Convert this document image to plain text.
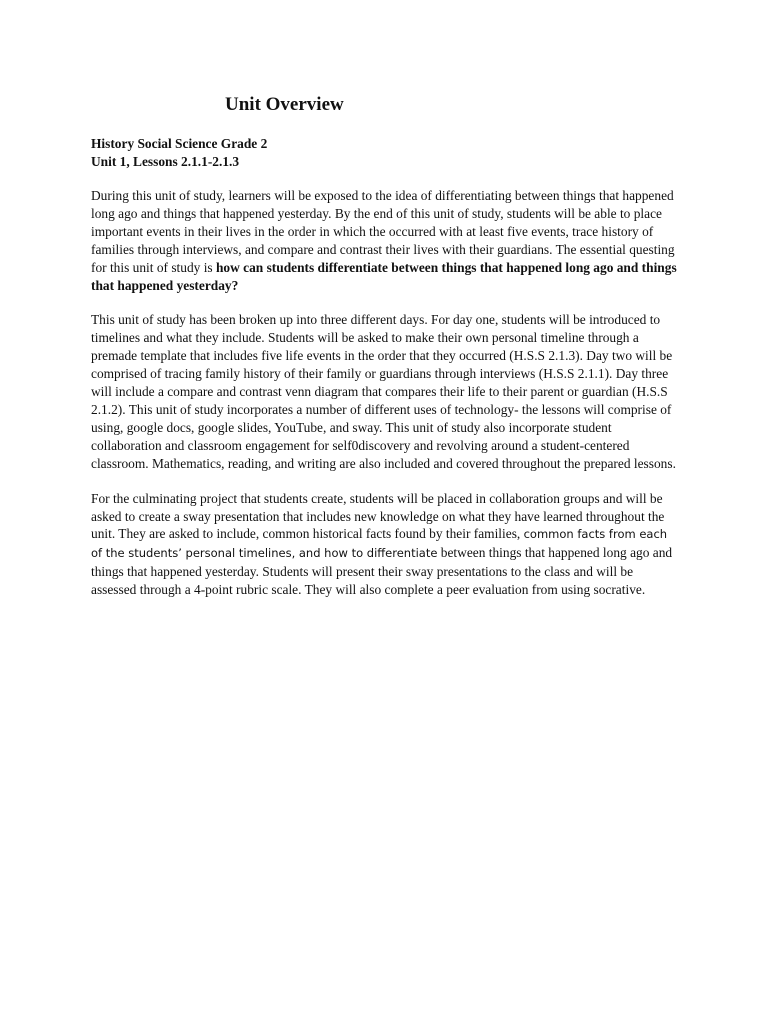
Unit Overview
History Social Science Grade 2
Unit 1, Lessons 2.1.1-2.1.3

During this unit of study, learners will be exposed to the idea of differentiating between things that happened long ago and things that happened yesterday. By the end of this unit of study, students will be able to place important events in their lives in the order in which the occurred with at least five events, trace history of families through interviews, and compare and contrast their lives with their guardians. The essential questing for this unit of study is how can students differentiate between things that happened long ago and things that happened yesterday?

This unit of study has been broken up into three different days. For day one, students will be introduced to timelines and what they include. Students will be asked to make their own personal timeline through a premade template that includes five life events in the order that they occurred (H.S.S 2.1.3). Day two will be comprised of tracing family history of their family or guardians through interviews (H.S.S 2.1.1). Day three will include a compare and contrast venn diagram that compares their life to their parent or guardian (H.S.S 2.1.2). This unit of study incorporates a number of different uses of technology- the lessons will comprise of using, google docs, google slides, YouTube, and sway. This unit of study also incorporate student collaboration and classroom engagement for self0discovery and revolving around a student-centered classroom. Mathematics, reading, and writing are also included and covered throughout the prepared lessons.

For the culminating project that students create, students will be placed in collaboration groups and will be asked to create a sway presentation that includes new knowledge on what they have learned throughout the unit. They are asked to include, common historical facts found by their families, common facts from each of the students’ personal timelines, and how to differentiate between things that happened long ago and things that happened yesterday. Students will present their sway presentations to the class and will be assessed through a 4-point rubric scale. They will also complete a peer evaluation from using socrative.
